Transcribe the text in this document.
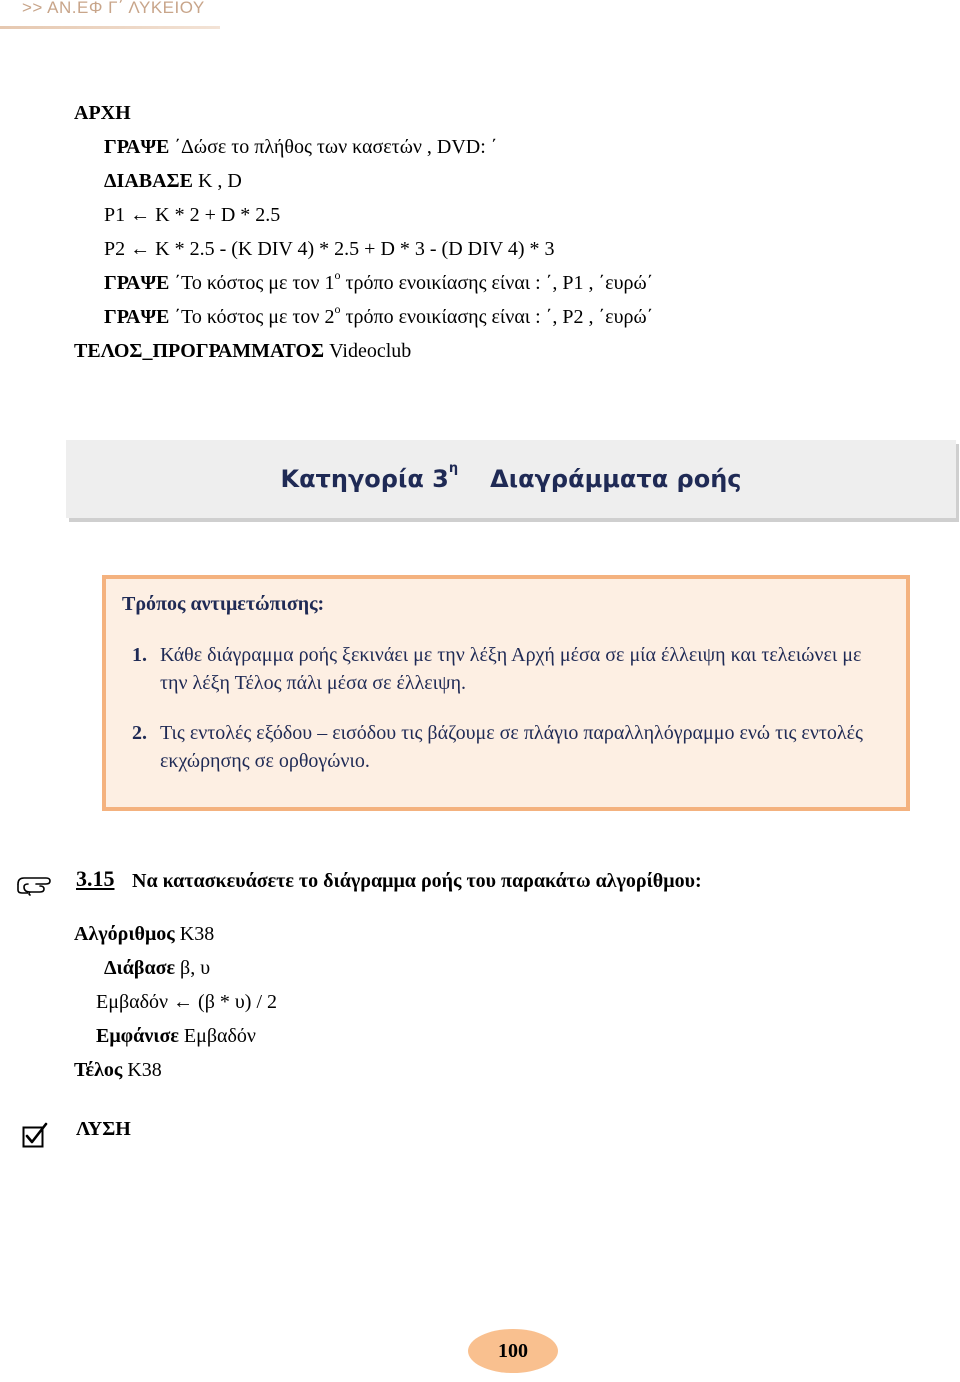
>> ΑΝ.ΕΦ Γ΄ ΛΥΚΕΙΟΥ
ΑΡΧΗ
ΓΡΑΨΕ ΄Δώσε το πλήθος των κασετών , DVD: ΄
ΔΙΑΒΑΣΕ K , D
P1 ← K * 2 + D * 2.5
P2 ← K * 2.5 - (K DIV 4) * 2.5 + D * 3 - (D DIV 4) * 3
ΓΡΑΨΕ ΄Το κόστος με τον $1^o$ τρόπο ενοικίασης είναι : ΄, P1 , ΄ευρώ΄
ΓΡΑΨΕ ΄Το κόστος με τον $2^o$ τρόπο ενοικίασης είναι : ΄, P2 , ΄ευρώ΄
ΤΕΛΟΣ_ΠΡΟΓΡΑΜΜΑΤΟΣ Videoclub
Κατηγορία $3^\eta$ Διαγράμματα ροής
Τρόπος αντιμετώπισης:
1. Κάθε διάγραμμα ροής ξεκινάει με την λέξη Αρχή μέσα σε μία έλλειψη και τελειώνει με την λέξη Τέλος πάλι μέσα σε έλλειψη.
2. Τις εντολές εξόδου – εισόδου τις βάζουμε σε πλάγιο παραλληλόγραμμο ενώ τις εντολές εκχώρησης σε ορθογώνιο.
3.15 Να κατασκευάσετε το διάγραμμα ροής του παρακάτω αλγορίθμου:
Αλγόριθμος K38
Διάβασε β, υ
Εμβαδόν ← (β * υ) / 2
Εμφάνισε Εμβαδόν
Τέλος K38
ΛΥΣΗ
100
